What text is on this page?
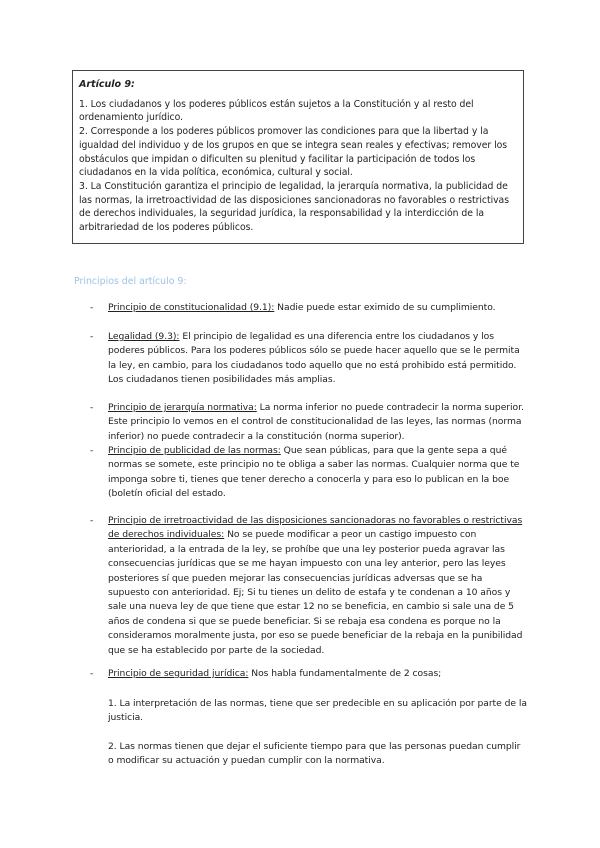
Artículo 9:

1. Los ciudadanos y los poderes públicos están sujetos a la Constitución y al resto del ordenamiento jurídico.

2. Corresponde a los poderes públicos promover las condiciones para que la libertad y la igualdad del individuo y de los grupos en que se integra sean reales y efectivas; remover los obstáculos que impidan o dificulten su plenitud y facilitar la participación de todos los ciudadanos en la vida política, económica, cultural y social.

3. La Constitución garantiza el principio de legalidad, la jerarquía normativa, la publicidad de las normas, la irretroactividad de las disposiciones sancionadoras no favorables o restrictivas de derechos individuales, la seguridad jurídica, la responsabilidad y la interdicción de la arbitrariedad de los poderes públicos.

Principios del artículo 9:
-	Principio de constitucionalidad (9.1): Nadie puede estar eximido de su cumplimiento.
-	Legalidad (9.3): El principio de legalidad es una diferencia entre los ciudadanos y los poderes públicos. Para los poderes públicos sólo se puede hacer aquello que se le permita la ley, en cambio, para los ciudadanos todo aquello que no está prohibido está permitido. Los ciudadanos tienen posibilidades más amplias.
-	Principio de jerarquía normativa: La norma inferior no puede contradecir la norma superior. Este principio lo vemos en el control de constitucionalidad de las leyes, las normas (norma inferior) no puede contradecir a la constitución (norma superior).
-	Principio de publicidad de las normas: Que sean públicas, para que la gente sepa a qué normas se somete, este principio no te obliga a saber las normas. Cualquier norma que te imponga sobre ti, tienes que tener derecho a conocerla y para eso lo publican en la boe (boletín oficial del estado.
-	Principio de irretroactividad de las disposiciones sancionadoras no favorables o restrictivas de derechos individuales: No se puede modificar a peor un castigo impuesto con anterioridad, a la entrada de la ley, se prohíbe que una ley posterior pueda agravar las consecuencias jurídicas que se me hayan impuesto con una ley anterior, pero las leyes posteriores sí que pueden mejorar las consecuencias jurídicas adversas que se ha supuesto con anterioridad. Ej; Si tu tienes un delito de estafa y te condenan a 10 años y sale una nueva ley de que tiene que estar 12 no se beneficia, en cambio si sale una de 5 años de condena si que se puede beneficiar. Si se rebaja esa condena es porque no la consideramos moralmente justa, por eso se puede beneficiar de la rebaja en la punibilidad que se ha establecido por parte de la sociedad.
-	Principio de seguridad jurídica: Nos habla fundamentalmente de 2 cosas;
1. La interpretación de las normas, tiene que ser predecible en su aplicación por parte de la justicia.
2. Las normas tienen que dejar el suficiente tiempo para que las personas puedan cumplir o modificar su actuación y puedan cumplir con la normativa.
